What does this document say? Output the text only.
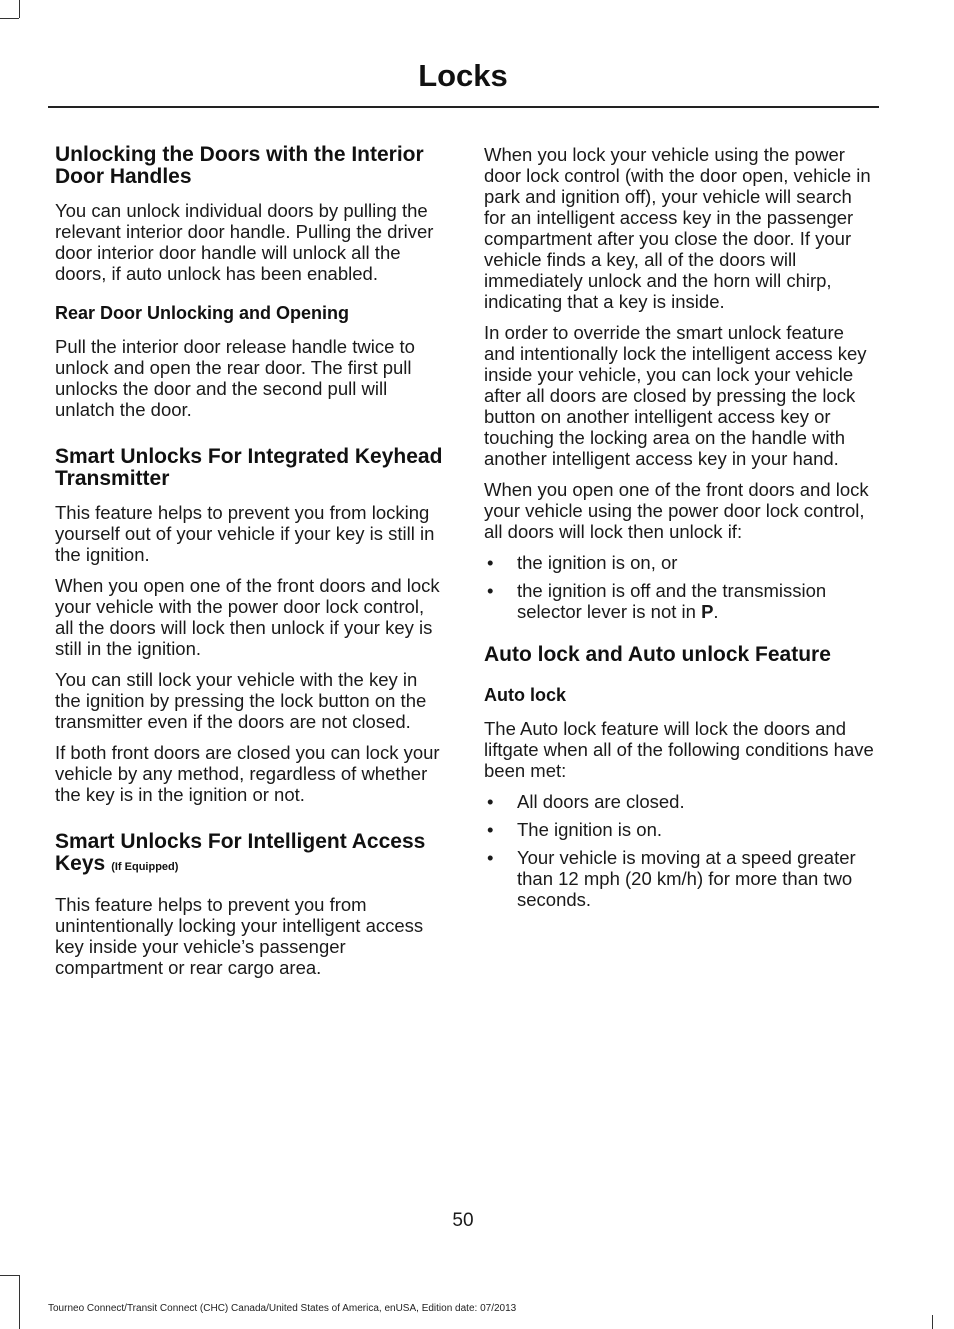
Locks
Unlocking the Doors with the Interior Door Handles

You can unlock individual doors by pulling the relevant interior door handle. Pulling the driver door interior door handle will unlock all the doors, if auto unlock has been enabled.

Rear Door Unlocking and Opening

Pull the interior door release handle twice to unlock and open the rear door. The first pull unlocks the door and the second pull will unlatch the door.

Smart Unlocks For Integrated Keyhead Transmitter

This feature helps to prevent you from locking yourself out of your vehicle if your key is still in the ignition.

When you open one of the front doors and lock your vehicle with the power door lock control, all the doors will lock then unlock if your key is still in the ignition.

You can still lock your vehicle with the key in the ignition by pressing the lock button on the transmitter even if the doors are not closed.

If both front doors are closed you can lock your vehicle by any method, regardless of whether the key is in the ignition or not.

Smart Unlocks For Intelligent Access Keys (If Equipped)

This feature helps to prevent you from unintentionally locking your intelligent access key inside your vehicle’s passenger compartment or rear cargo area.

When you lock your vehicle using the power door lock control (with the door open, vehicle in park and ignition off), your vehicle will search for an intelligent access key in the passenger compartment after you close the door. If your vehicle finds a key, all of the doors will immediately unlock and the horn will chirp, indicating that a key is inside.

In order to override the smart unlock feature and intentionally lock the intelligent access key inside your vehicle, you can lock your vehicle after all doors are closed by pressing the lock button on another intelligent access key or touching the locking area on the handle with another intelligent access key in your hand.

When you open one of the front doors and lock your vehicle using the power door lock control, all doors will lock then unlock if:

• the ignition is on, or
• the ignition is off and the transmission selector lever is not in P.
Auto lock and Auto unlock Feature
Auto lock

The Auto lock feature will lock the doors and liftgate when all of the following conditions have been met:

• All doors are closed.
• The ignition is on.
• Your vehicle is moving at a speed greater than 12 mph (20 km/h) for more than two seconds.
50
Tourneo Connect/Transit Connect (CHC) Canada/United States of America, enUSA, Edition date: 07/2013
